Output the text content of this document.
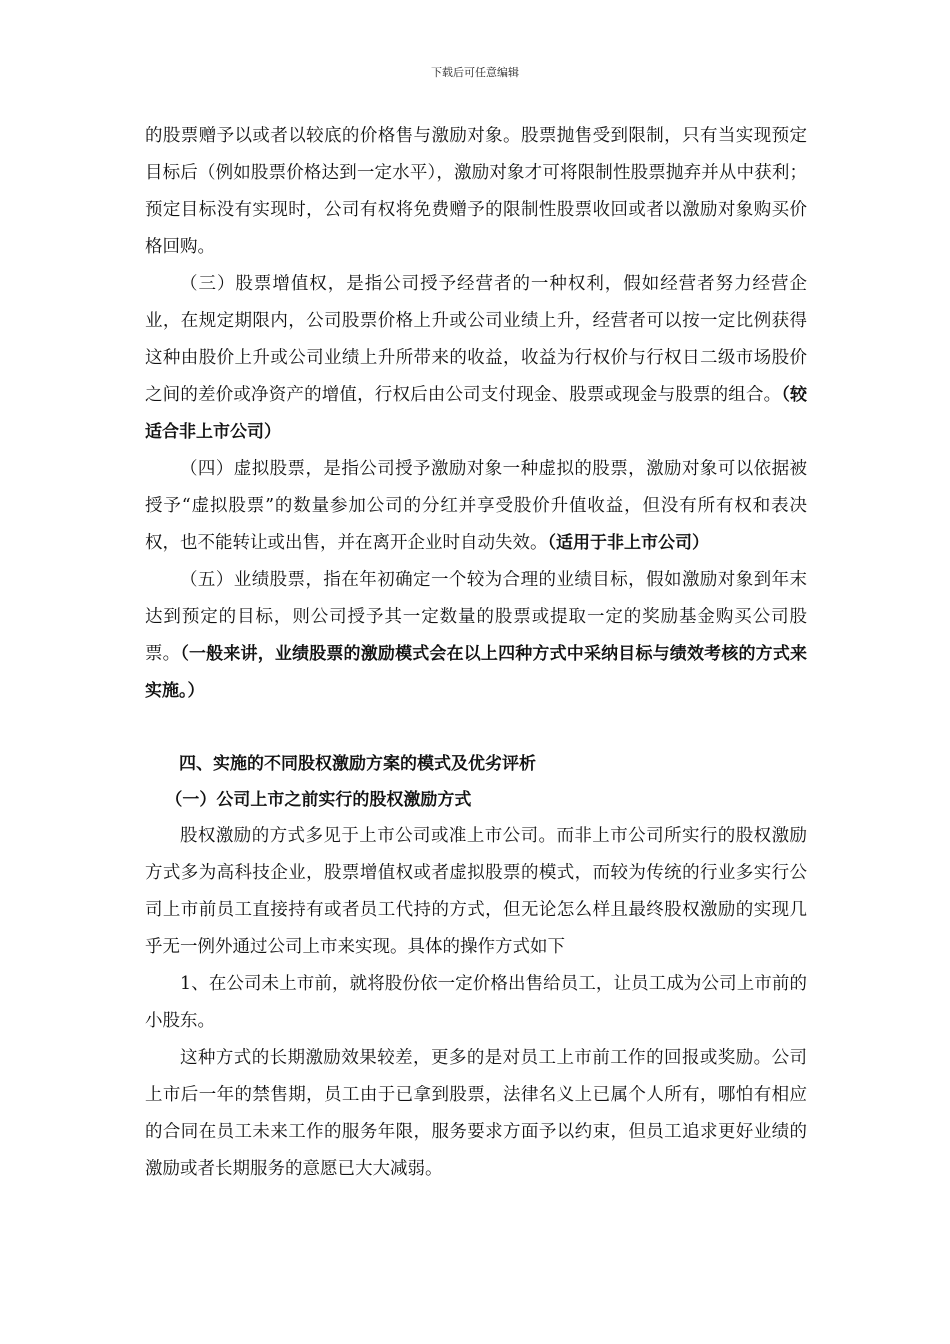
下载后可任意编辑

的股票赠予以或者以较底的价格售与激励对象。股票抛售受到限制，只有当实现预定目标后（例如股票价格达到一定水平），激励对象才可将限制性股票抛弃并从中获利；预定目标没有实现时，公司有权将免费赠予的限制性股票收回或者以激励对象购买价格回购。

（三）股票增值权，是指公司授予经营者的一种权利，假如经营者努力经营企业，在规定期限内，公司股票价格上升或公司业绩上升，经营者可以按一定比例获得这种由股价上升或公司业绩上升所带来的收益，收益为行权价与行权日二级市场股价之间的差价或净资产的增值，行权后由公司支付现金、股票或现金与股票的组合。（较适合非上市公司）

（四）虚拟股票，是指公司授予激励对象一种虚拟的股票，激励对象可以依据被授予“虚拟股票”的数量参加公司的分红并享受股价升值收益，但没有所有权和表决权，也不能转让或出售，并在离开企业时自动失效。（适用于非上市公司）

（五）业绩股票，指在年初确定一个较为合理的业绩目标，假如激励对象到年末达到预定的目标，则公司授予其一定数量的股票或提取一定的奖励基金购买公司股票。（一般来讲，业绩股票的激励模式会在以上四种方式中采纳目标与绩效考核的方式来实施。）

四、实施的不同股权激励方案的模式及优劣评析

（一）公司上市之前实行的股权激励方式

股权激励的方式多见于上市公司或准上市公司。而非上市公司所实行的股权激励方式多为高科技企业，股票增值权或者虚拟股票的模式，而较为传统的行业多实行公司上市前员工直接持有或者员工代持的方式，但无论怎么样且最终股权激励的实现几乎无一例外通过公司上市来实现。具体的操作方式如下

1、在公司未上市前，就将股份依一定价格出售给员工，让员工成为公司上市前的小股东。

这种方式的长期激励效果较差，更多的是对员工上市前工作的回报或奖励。公司上市后一年的禁售期，员工由于已拿到股票，法律名义上已属个人所有，哪怕有相应的合同在员工未来工作的服务年限，服务要求方面予以约束，但员工追求更好业绩的激励或者长期服务的意愿已大大减弱。
